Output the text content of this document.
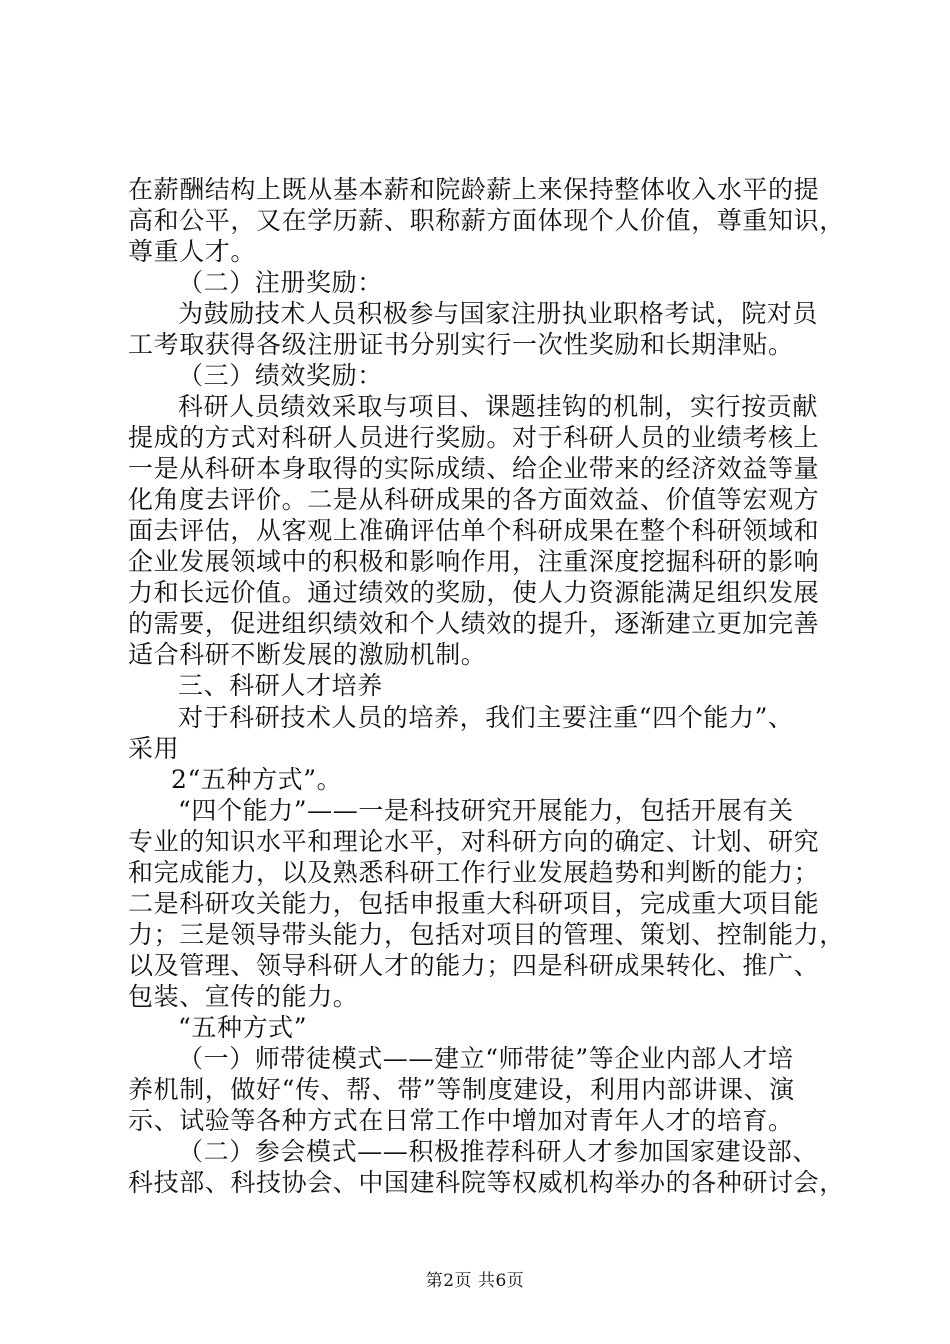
在薪酬结构上既从基本薪和院龄薪上来保持整体收入水平的提
高和公平，又在学历薪、职称薪方面体现个人价值，尊重知识，
尊重人才。
（二）注册奖励：
为鼓励技术人员积极参与国家注册执业职格考试，院对员
工考取获得各级注册证书分别实行一次性奖励和长期津贴。
（三）绩效奖励：
科研人员绩效采取与项目、课题挂钩的机制，实行按贡献
提成的方式对科研人员进行奖励。对于科研人员的业绩考核上
一是从科研本身取得的实际成绩、给企业带来的经济效益等量
化角度去评价。二是从科研成果的各方面效益、价值等宏观方
面去评估，从客观上准确评估单个科研成果在整个科研领域和
企业发展领域中的积极和影响作用，注重深度挖掘科研的影响
力和长远价值。通过绩效的奖励，使人力资源能满足组织发展
的需要，促进组织绩效和个人绩效的提升，逐渐建立更加完善
适合科研不断发展的激励机制。
三、科研人才培养
对于科研技术人员的培养，我们主要注重“四个能力”、
采用
2“五种方式”。
“四个能力”——一是科技研究开展能力，包括开展有关
专业的知识水平和理论水平，对科研方向的确定、计划、研究
和完成能力，以及熟悉科研工作行业发展趋势和判断的能力；
二是科研攻关能力，包括申报重大科研项目，完成重大项目能
力；三是领导带头能力，包括对项目的管理、策划、控制能力，
以及管理、领导科研人才的能力；四是科研成果转化、推广、
包装、宣传的能力。
“五种方式”
（一）师带徒模式——建立“师带徒”等企业内部人才培
养机制，做好“传、帮、带”等制度建设，利用内部讲课、演
示、试验等各种方式在日常工作中增加对青年人才的培育。
（二）参会模式——积极推荐科研人才参加国家建设部、
科技部、科技协会、中国建科院等权威机构举办的各种研讨会，
第2页 共6页
